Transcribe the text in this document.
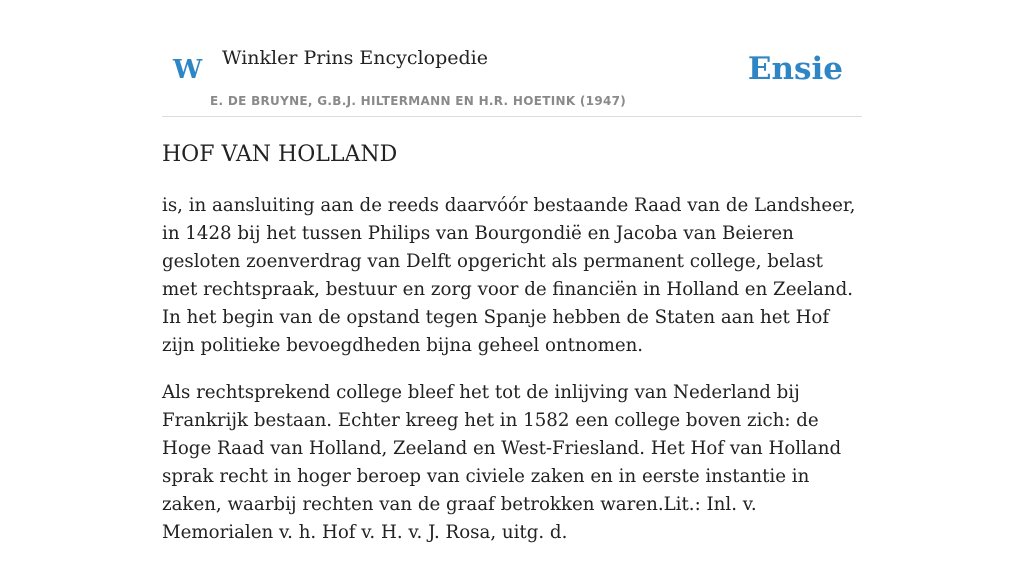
W Winkler Prins Encyclopedie
E. DE BRUYNE, G.B.J. HILTERMANN EN H.R. HOETINK (1947)
Ensie
HOF VAN HOLLAND

is, in aansluiting aan de reeds daarvóór bestaande Raad van de Landsheer, in 1428 bij het tussen Philips van Bourgondië en Jacoba van Beieren gesloten zoenverdrag van Delft opgericht als permanent college, belast met rechtspraak, bestuur en zorg voor de financiën in Holland en Zeeland. In het begin van de opstand tegen Spanje hebben de Staten aan het Hof zijn politieke bevoegdheden bijna geheel ontnomen.

Als rechtsprekend college bleef het tot de inlijving van Nederland bij Frankrijk bestaan. Echter kreeg het in 1582 een college boven zich: de Hoge Raad van Holland, Zeeland en West-Friesland. Het Hof van Holland sprak recht in hoger beroep van civiele zaken en in eerste instantie in zaken, waarbij rechten van de graaf betrokken waren.Lit.: Inl. v. Memorialen v. h. Hof v. H. v. J. Rosa, uitg. d.
